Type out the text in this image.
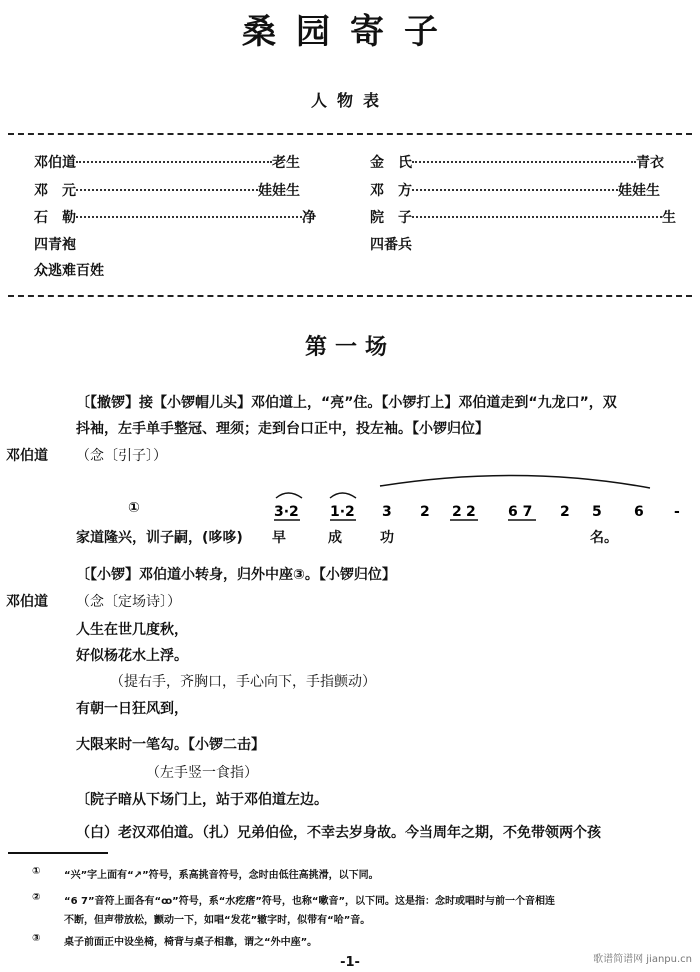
桑园寄子
人物表
邓伯道	老生
邓　元	娃娃生
石　勒	净
四青袍
众逃难百姓
金　氏	青衣
邓　方	娃娃生
院　子	生
四番兵
第一场
〔【撤锣】接【小锣帽儿头】邓伯道上，“亮”住。【小锣打上】邓伯道走到“九龙口”，双
抖袖，左手单手整冠、理须；走到台口正中，投左袖。【小锣归位】
邓伯道 （念〔引子〕）
①	3·2 1·2 3 2 2 2 6 7 2 5 6 -
家道隆兴，训子嗣，(哆哆) 早	成	功	名。
〔【小锣】邓伯道小转身，归外中座③。【小锣归位】
邓伯道 （念〔定场诗〕）
人生在世几度秋，
好似杨花水上浮。
（提右手，齐胸口，手心向下，手指颤动）
有朝一日狂风到，
大限来时一笔勾。【小锣二击】
（左手竖一食指）
〔院子暗从下场门上，站于邓伯道左边。
（白）老汉邓伯道。（扎）兄弟伯俭，不幸去岁身故。今当周年之期，不免带领两个孩
① “兴”字上面有“↗”符号，系高挑音符号，念时由低往高挑滑，以下同。
② “6 7”音符上面各有“ꝏ”符号，系“水疙瘩”符号，也称“嗽音”，以下同。这是指：念时或唱时与前一个音相连
不断，但声带放松，颤动一下，如唱“发花”辙字时，似带有“哈”音。
③ 桌子前面正中设坐椅，椅背与桌子相靠，谓之“外中座”。
-1-	歌谱简谱网 jianpu.cn
